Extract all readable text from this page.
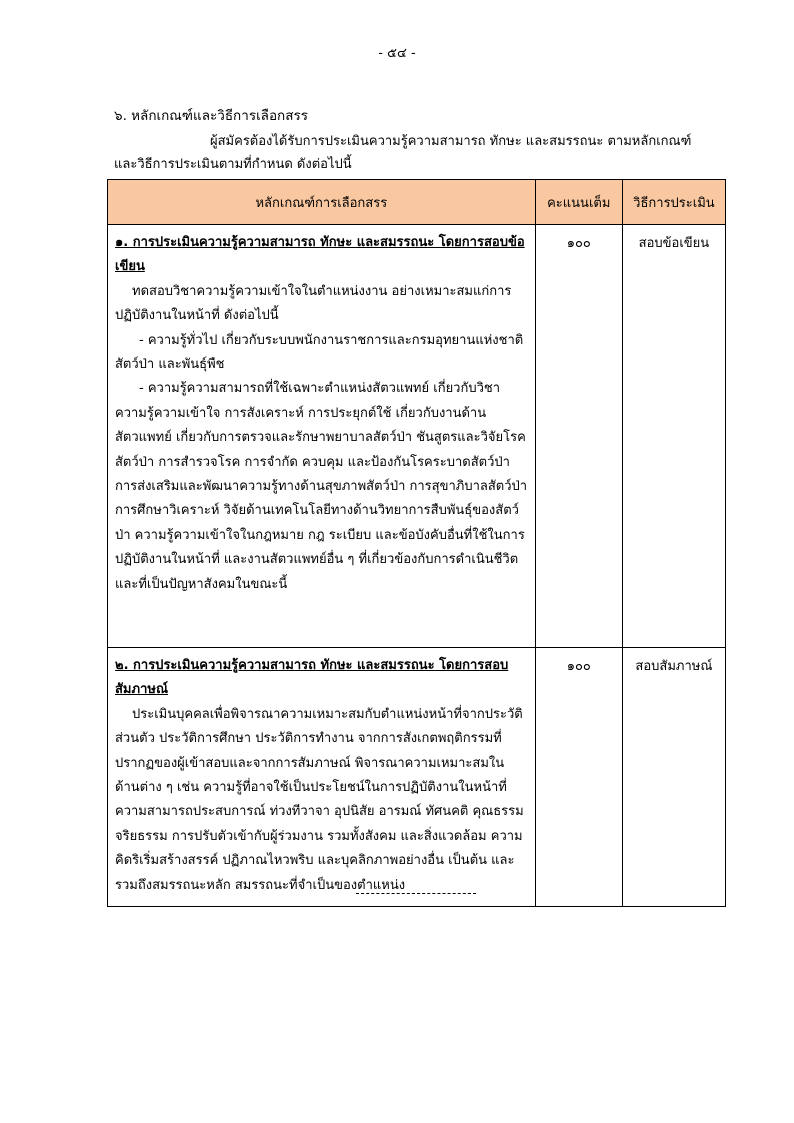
- ๕๔ -
๖. หลักเกณฑ์และวิธีการเลือกสรร
ผู้สมัครต้องได้รับการประเมินความรู้ความสามารถ ทักษะ และสมรรถนะ ตามหลักเกณฑ์
และวิธีการประเมินตามที่กำหนด ดังต่อไปนี้
หลักเกณฑ์การเลือกสรร	คะแนนเต็ม	วิธีการประเมิน

๑. การประเมินความรู้ความสามารถ ทักษะ และสมรรถนะ โดยการสอบข้อเขียน
ทดสอบวิชาความรู้ความเข้าใจในตำแหน่งงาน อย่างเหมาะสมแก่การปฏิบัติงานในหน้าที่ ดังต่อไปนี้
- ความรู้ทั่วไป เกี่ยวกับระบบพนักงานราชการและกรมอุทยานแห่งชาติ สัตว์ป่า และพันธุ์พืช
- ความรู้ความสามารถที่ใช้เฉพาะตำแหน่งสัตวแพทย์ เกี่ยวกับวิชาความรู้ความเข้าใจ การสังเคราะห์ การประยุกต์ใช้ เกี่ยวกับงานด้านสัตวแพทย์ เกี่ยวกับการตรวจและรักษาพยาบาลสัตว์ป่า ชันสูตรและวิจัยโรคสัตว์ป่า การสำรวจโรค การจำกัด ควบคุม และป้องกันโรคระบาดสัตว์ป่า การส่งเสริมและพัฒนาความรู้ทางด้านสุขภาพสัตว์ป่า การสุขาภิบาลสัตว์ป่า การศึกษาวิเคราะห์ วิจัยด้านเทคโนโลยีทางด้านวิทยาการสืบพันธุ์ของสัตว์ป่า ความรู้ความเข้าใจในกฎหมาย กฎ ระเบียบ และข้อบังคับอื่นที่ใช้ในการปฏิบัติงานในหน้าที่ และงานสัตวแพทย์อื่น ๆ ที่เกี่ยวข้องกับการดำเนินชีวิต และที่เป็นปัญหาสังคมในขณะนี้	๑๐๐	สอบข้อเขียน

๒. การประเมินความรู้ความสามารถ ทักษะ และสมรรถนะ โดยการสอบสัมภาษณ์
ประเมินบุคคลเพื่อพิจารณาความเหมาะสมกับตำแหน่งหน้าที่จากประวัติส่วนตัว ประวัติการศึกษา ประวัติการทำงาน จากการสังเกตพฤติกรรมที่ปรากฏของผู้เข้าสอบและจากการสัมภาษณ์ พิจารณาความเหมาะสมในด้านต่าง ๆ เช่น ความรู้ที่อาจใช้เป็นประโยชน์ในการปฏิบัติงานในหน้าที่ ความสามารถประสบการณ์ ท่วงทีวาจา อุปนิสัย อารมณ์ ทัศนคติ คุณธรรม จริยธรรม การปรับตัวเข้ากับผู้ร่วมงาน รวมทั้งสังคม และสิ่งแวดล้อม ความคิดริเริ่มสร้างสรรค์ ปฏิภาณไหวพริบ และบุคลิกภาพอย่างอื่น เป็นต้น และรวมถึงสมรรถนะหลัก สมรรถนะที่จำเป็นของตำแหน่ง	๑๐๐	สอบสัมภาษณ์
